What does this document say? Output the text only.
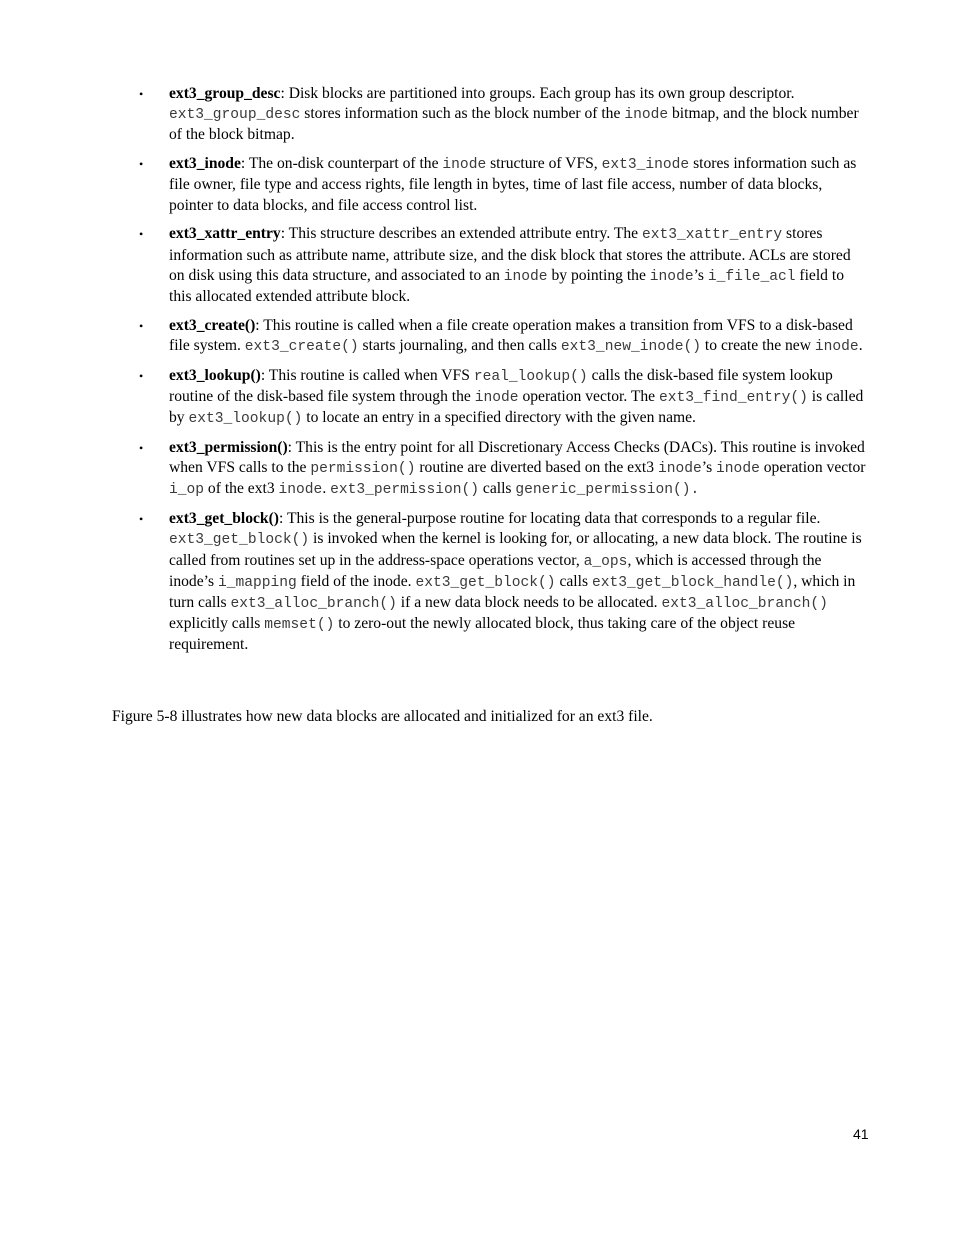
• ext3_group_desc: Disk blocks are partitioned into groups. Each group has its own group descriptor. ext3_group_desc stores information such as the block number of the inode bitmap, and the block number of the block bitmap.
• ext3_inode: The on-disk counterpart of the inode structure of VFS, ext3_inode stores information such as file owner, file type and access rights, file length in bytes, time of last file access, number of data blocks, pointer to data blocks, and file access control list.
• ext3_xattr_entry: This structure describes an extended attribute entry. The ext3_xattr_entry stores information such as attribute name, attribute size, and the disk block that stores the attribute. ACLs are stored on disk using this data structure, and associated to an inode by pointing the inode’s i_file_acl field to this allocated extended attribute block.
• ext3_create(): This routine is called when a file create operation makes a transition from VFS to a disk-based file system. ext3_create() starts journaling, and then calls ext3_new_inode() to create the new inode.
• ext3_lookup(): This routine is called when VFS real_lookup() calls the disk-based file system lookup routine of the disk-based file system through the inode operation vector. The ext3_find_entry() is called by ext3_lookup() to locate an entry in a specified directory with the given name.
• ext3_permission(): This is the entry point for all Discretionary Access Checks (DACs). This routine is invoked when VFS calls to the permission() routine are diverted based on the ext3 inode’s inode operation vector i_op of the ext3 inode. ext3_permission() calls generic_permission().
• ext3_get_block(): This is the general-purpose routine for locating data that corresponds to a regular file. ext3_get_block() is invoked when the kernel is looking for, or allocating, a new data block. The routine is called from routines set up in the address-space operations vector, a_ops, which is accessed through the inode’s i_mapping field of the inode. ext3_get_block() calls ext3_get_block_handle(), which in turn calls ext3_alloc_branch() if a new data block needs to be allocated. ext3_alloc_branch() explicitly calls memset() to zero-out the newly allocated block, thus taking care of the object reuse requirement.
Figure 5-8 illustrates how new data blocks are allocated and initialized for an ext3 file.
41
